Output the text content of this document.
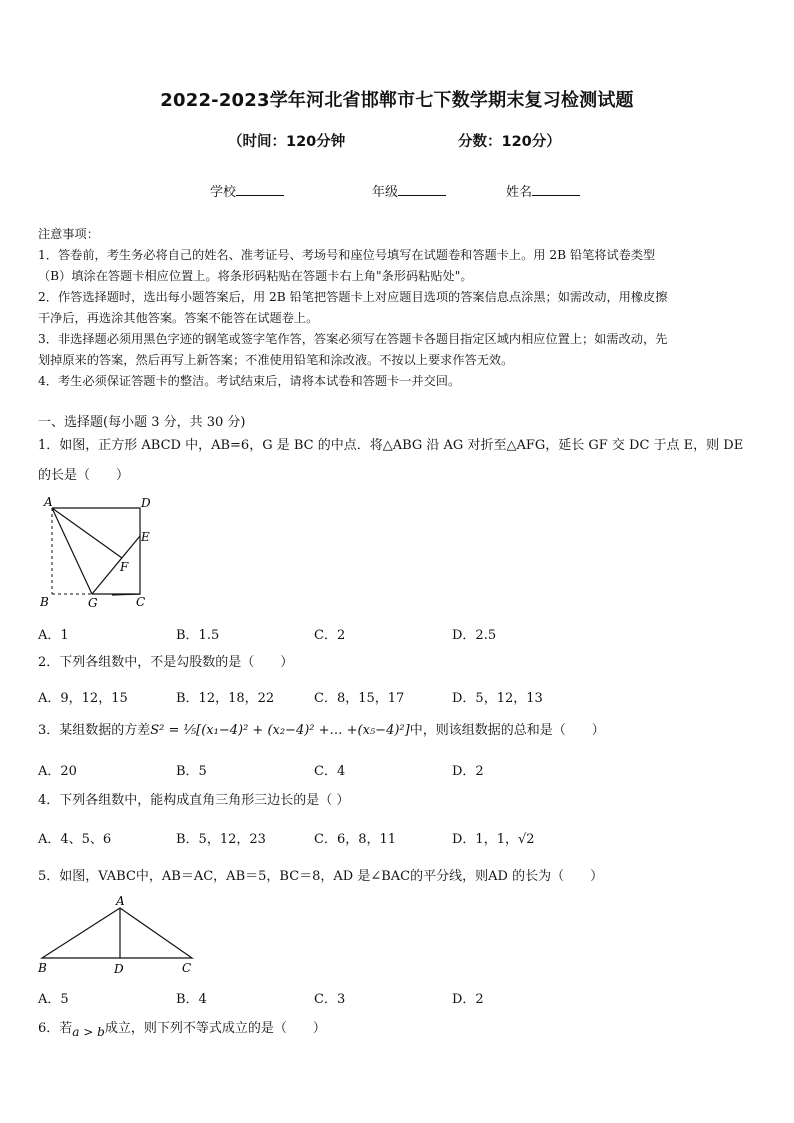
2022-2023学年河北省邯郸市七下数学期末复习检测试题
（时间：120分钟	分数：120分）
学校	年级	姓名

注意事项：

1．答卷前，考生务必将自己的姓名、准考证号、考场号和座位号填写在试题卷和答题卡上。用 2B 铅笔将试卷类型

（B）填涂在答题卡相应位置上。将条形码粘贴在答题卡右上角"条形码粘贴处"。

2．作答选择题时，选出每小题答案后，用 2B 铅笔把答题卡上对应题目选项的答案信息点涂黑；如需改动，用橡皮擦

干净后，再选涂其他答案。答案不能答在试题卷上。

3．非选择题必须用黑色字迹的钢笔或签字笔作答，答案必须写在答题卡各题目指定区域内相应位置上；如需改动，先

划掉原来的答案，然后再写上新答案；不准使用铅笔和涂改液。不按以上要求作答无效。

4．考生必须保证答题卡的整洁。考试结束后，请将本试卷和答题卡一并交回。

一、选择题(每小题 3 分，共 30 分)
1．如图，正方形 ABCD 中，AB=6，G 是 BC 的中点．将△ABG 沿 AG 对折至△AFG，延长 GF 交 DC 于点 E，则 DE
的长是（　　）
A	D
E
F
B	G	C
A．1	B．1.5	C．2	D．2.5
2．下列各组数中，不是勾股数的是（　　）
A．9，12，15	B．12，18，22	C．8，15，17	D．5，12，13
3．某组数据的方差S² = ⅕[(x₁−4)² + (x₂−4)² +… +(x₅−4)²]中，则该组数据的总和是（　　）
A．20	B．5	C．4	D．2
4．下列各组数中，能构成直角三角形三边长的是（ ）
A．4、5、6	B．5，12，23	C．6，8，11	D．1，1，√2
5．如图，VABC中，AB＝AC，AB＝5，BC＝8，AD 是∠BAC的平分线，则AD 的长为（　　）
A
B	D	C
A．5	B．4	C．3	D．2
6．若a > b成立，则下列不等式成立的是（　　）
